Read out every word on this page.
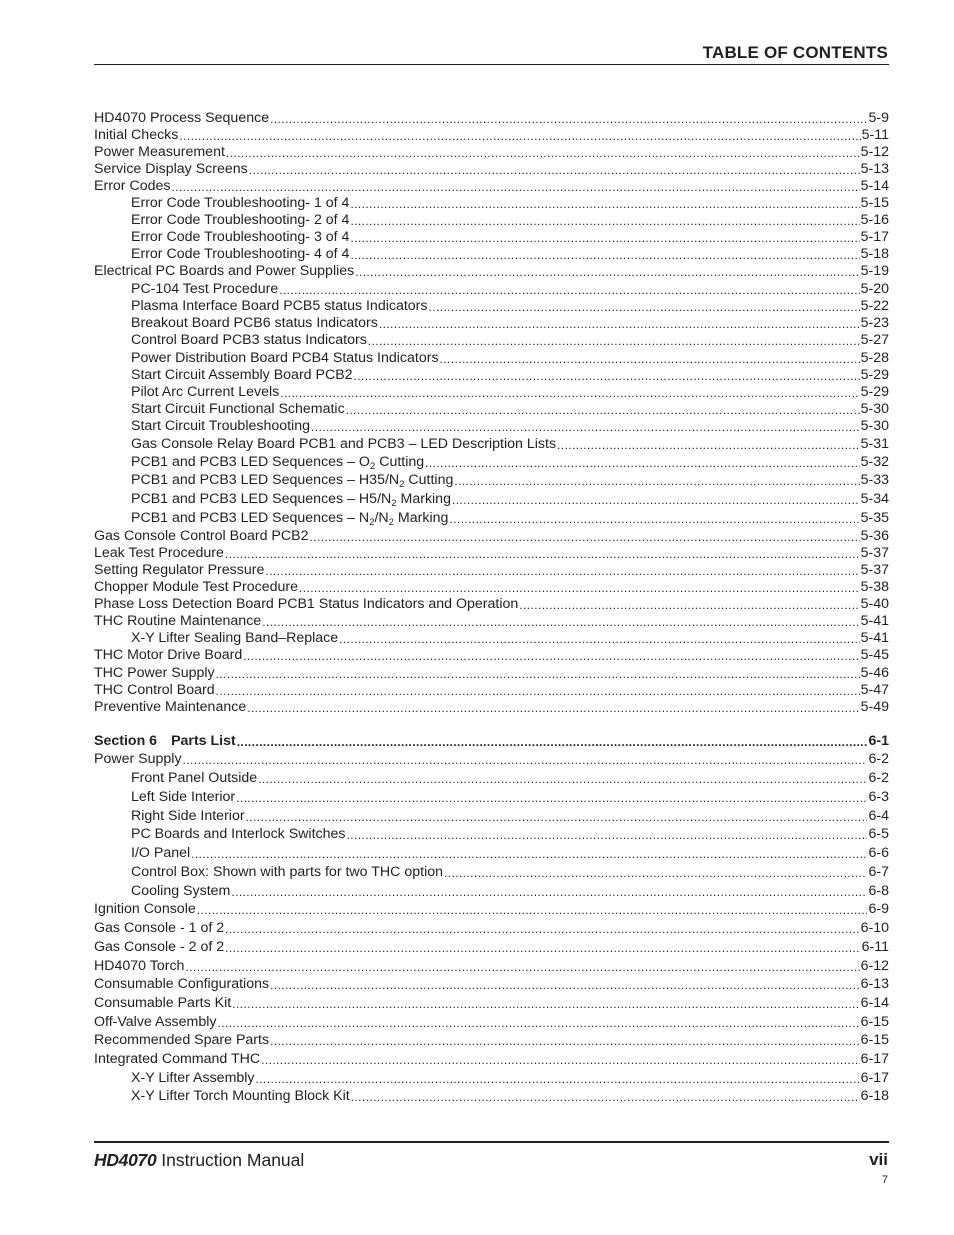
TABLE OF CONTENTS
HD4070 Process Sequence .....	5-9
Initial Checks .....	5-11
Power Measurement .....	5-12
Service Display Screens .....	5-13
Error Codes .....	5-14
Error Code Troubleshooting- 1 of 4 .....	5-15
Error Code Troubleshooting- 2 of 4 .....	5-16
Error Code Troubleshooting- 3 of 4 .....	5-17
Error Code Troubleshooting- 4 of 4 .....	5-18
Electrical PC Boards and Power Supplies .....	5-19
PC-104 Test Procedure .....	5-20
Plasma Interface Board PCB5 status Indicators .....	5-22
Breakout Board PCB6 status Indicators .....	5-23
Control Board PCB3 status Indicators .....	5-27
Power Distribution Board PCB4 Status Indicators .....	5-28
Start Circuit Assembly Board PCB2 .....	5-29
Pilot Arc Current Levels .....	5-29
Start Circuit Functional Schematic .....	5-30
Start Circuit Troubleshooting .....	5-30
Gas Console Relay Board PCB1 and PCB3 – LED Description Lists .....	5-31
PCB1 and PCB3 LED Sequences – $O_2$ Cutting .....	5-32
PCB1 and PCB3 LED Sequences – $H35/N_2$ Cutting .....	5-33
PCB1 and PCB3 LED Sequences – $H5/N_2$ Marking .....	5-34
PCB1 and PCB3 LED Sequences – $N_2/N_2$ Marking .....	5-35
Gas Console Control Board PCB2 .....	5-36
Leak Test Procedure .....	5-37
Setting Regulator Pressure .....	5-37
Chopper Module Test Procedure .....	5-38
Phase Loss Detection Board PCB1 Status Indicators and Operation .....	5-40
THC Routine Maintenance .....	5-41
X-Y Lifter Sealing Band–Replace .....	5-41
THC Motor Drive Board .....	5-45
THC Power Supply .....	5-46
THC Control Board .....	5-47
Preventive Maintenance .....	5-49
Section 6 Parts List .....	6-1
Power Supply .....	6-2
Front Panel Outside .....	6-2
Left Side Interior .....	6-3
Right Side Interior .....	6-4
PC Boards and Interlock Switches .....	6-5
I/O Panel .....	6-6
Control Box: Shown with parts for two THC option .....	6-7
Cooling System .....	6-8
Ignition Console .....	6-9
Gas Console - 1 of 2 .....	6-10
Gas Console - 2 of 2 .....	6-11
HD4070 Torch .....	6-12
Consumable Configurations .....	6-13
Consumable Parts Kit .....	6-14
Off-Valve Assembly .....	6-15
Recommended Spare Parts .....	6-15
Integrated Command THC .....	6-17
X-Y Lifter Assembly .....	6-17
X-Y Lifter Torch Mounting Block Kit .....	6-18
HD4070 Instruction Manual	vii
7
